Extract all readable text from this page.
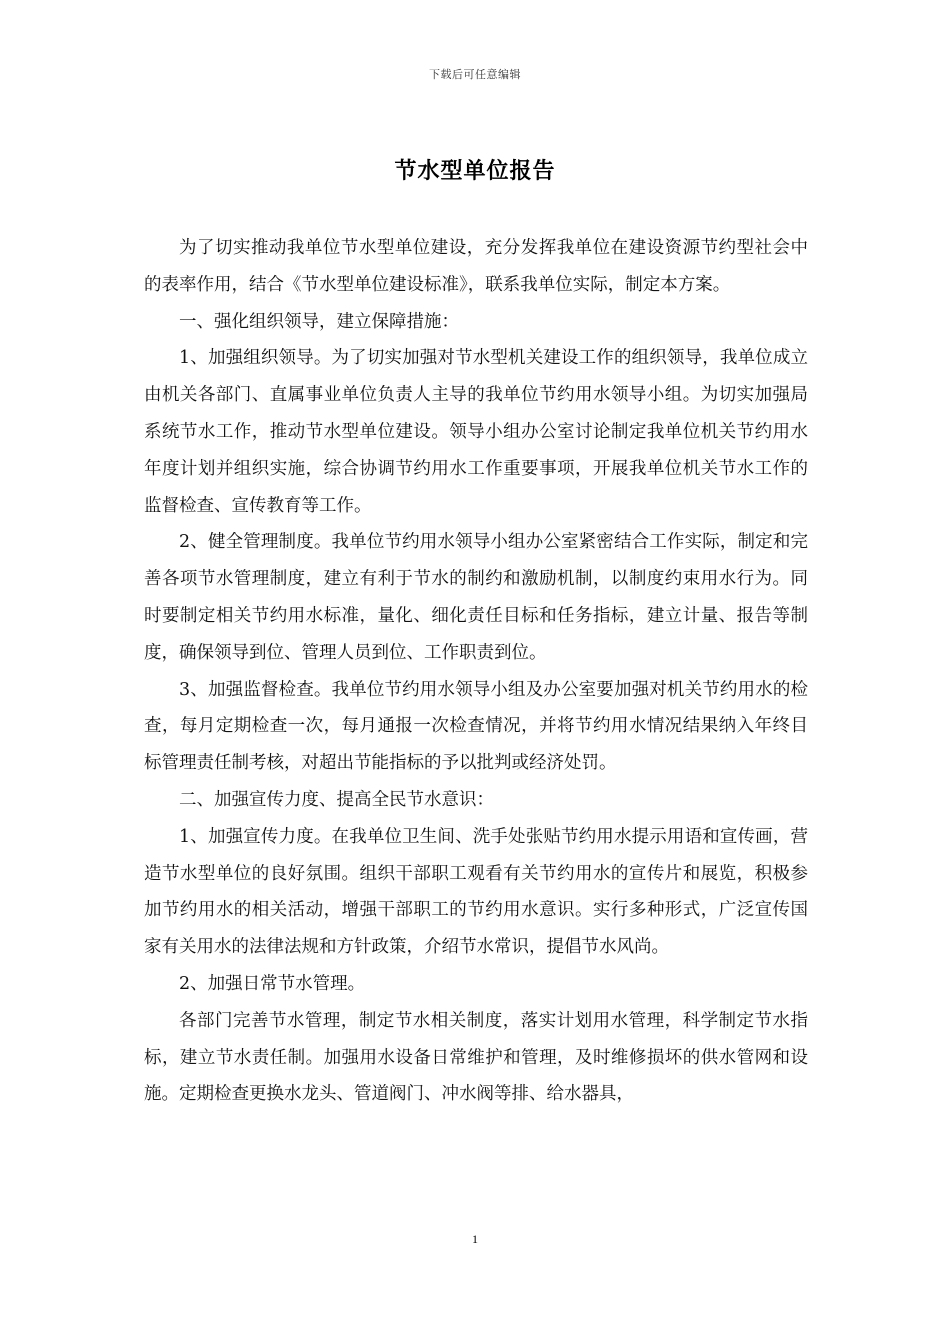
下载后可任意编辑
节水型单位报告

为了切实推动我单位节水型单位建设，充分发挥我单位在建设资源节约型社会中的表率作用，结合《节水型单位建设标准》，联系我单位实际，制定本方案。

一、强化组织领导，建立保障措施：

1、加强组织领导。为了切实加强对节水型机关建设工作的组织领导，我单位成立由机关各部门、直属事业单位负责人主导的我单位节约用水领导小组。为切实加强局系统节水工作，推动节水型单位建设。领导小组办公室讨论制定我单位机关节约用水年度计划并组织实施，综合协调节约用水工作重要事项，开展我单位机关节水工作的监督检查、宣传教育等工作。

2、健全管理制度。我单位节约用水领导小组办公室紧密结合工作实际，制定和完善各项节水管理制度，建立有利于节水的制约和激励机制，以制度约束用水行为。同时要制定相关节约用水标准，量化、细化责任目标和任务指标，建立计量、报告等制度，确保领导到位、管理人员到位、工作职责到位。

3、加强监督检查。我单位节约用水领导小组及办公室要加强对机关节约用水的检查，每月定期检查一次，每月通报一次检查情况，并将节约用水情况结果纳入年终目标管理责任制考核，对超出节能指标的予以批判或经济处罚。

二、加强宣传力度、提高全民节水意识：

1、加强宣传力度。在我单位卫生间、洗手处张贴节约用水提示用语和宣传画，营造节水型单位的良好氛围。组织干部职工观看有关节约用水的宣传片和展览，积极参加节约用水的相关活动，增强干部职工的节约用水意识。实行多种形式，广泛宣传国家有关用水的法律法规和方针政策，介绍节水常识，提倡节水风尚。

2、加强日常节水管理。

各部门完善节水管理，制定节水相关制度，落实计划用水管理，科学制定节水指标，建立节水责任制。加强用水设备日常维护和管理，及时维修损坏的供水管网和设施。定期检查更换水龙头、管道阀门、冲水阀等排、给水器具，

1
